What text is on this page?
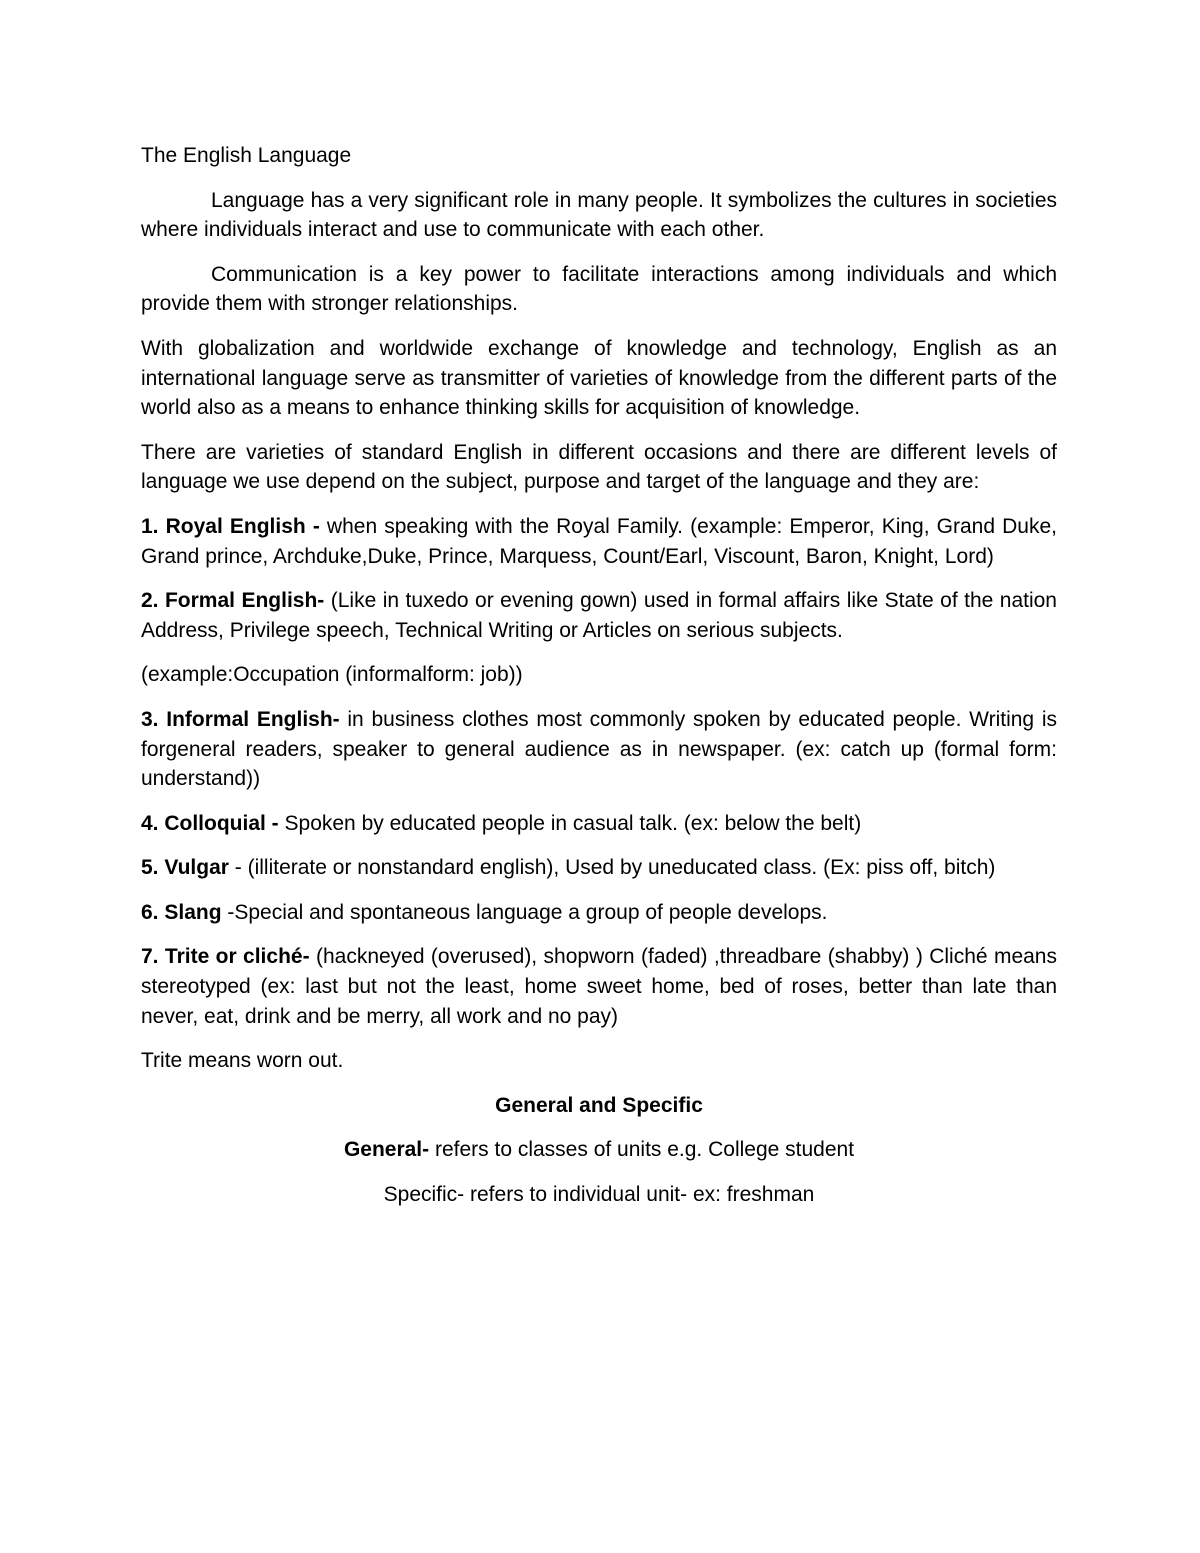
The English Language

Language has a very significant role in many people. It symbolizes the cultures in societies where individuals interact and use to communicate with each other.

Communication is a key power to facilitate interactions among individuals and which provide them with stronger relationships.

With globalization and worldwide exchange of knowledge and technology, English as an international language serve as transmitter of varieties of knowledge from the different parts of the world also as a means to enhance thinking skills for acquisition of knowledge.

There are varieties of standard English in different occasions and there are different levels of language we use depend on the subject, purpose and target of the language and they are:

1. Royal English - when speaking with the Royal Family. (example: Emperor, King, Grand Duke, Grand prince, Archduke,Duke, Prince, Marquess, Count/Earl, Viscount, Baron, Knight, Lord)

2. Formal English- (Like in tuxedo or evening gown) used in formal affairs like State of the nation Address, Privilege speech, Technical Writing or Articles on serious subjects.

(example:Occupation (informalform: job))

3. Informal English- in business clothes most commonly spoken by educated people. Writing is forgeneral readers, speaker to general audience as in newspaper. (ex: catch up (formal form: understand))

4. Colloquial - Spoken by educated people in casual talk. (ex: below the belt)

5. Vulgar - (illiterate or nonstandard english), Used by uneducated class. (Ex: piss off, bitch)

6. Slang -Special and spontaneous language a group of people develops.

7. Trite or cliché- (hackneyed (overused), shopworn (faded) ,threadbare (shabby) ) Cliché means stereotyped (ex: last but not the least, home sweet home, bed of roses, better than late than never, eat, drink and be merry, all work and no pay)

Trite means worn out.

General and Specific

General- refers to classes of units e.g. College student

Specific- refers to individual unit- ex: freshman
